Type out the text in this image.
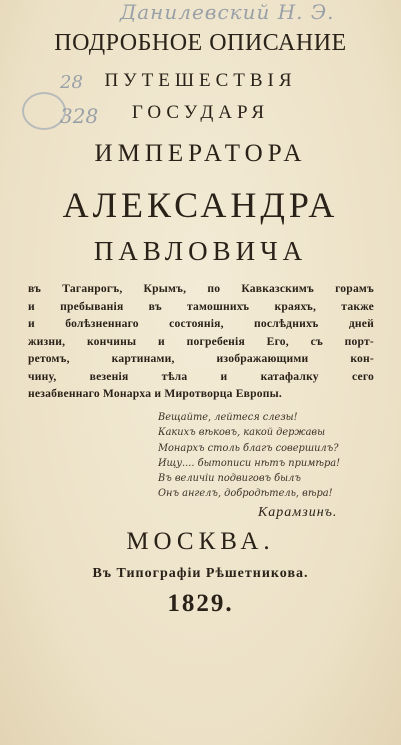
Данилевский Н. Э.
28
328
ПОДРОБНОЕ ОПИСАНИЕ
ПУТЕШЕСТВІЯ
ГОСУДАРЯ
ИМПЕРАТОРА
АЛЕКСАНДРА
ПАВЛОВИЧА
въ Таганрогъ, Крымъ, по Кавказскимъ горамъ
и пребыванія въ тамошнихъ краяхъ, также
и болѣзненнаго состоянія, послѣднихъ дней
жизни, кончины и погребенія Его, съ порт-
ретомъ, картинами, изображающими кон-
чину, везенія тѣла и катафалку сего
незабвеннаго Монарха и Миротворца Европы.
Вещайте, лейтеся слезы!
Какихъ вѣковъ, какой державы
Монархъ столь благъ совершилъ?
Ищу.... бытописи нѣтъ примѣра!
Въ величіи подвиговъ былъ
Онъ ангелъ, добродѣтель, вѣра!
Карамзинъ.
МОСКВА.
Въ Типографіи Рѣшетникова.
1829.
